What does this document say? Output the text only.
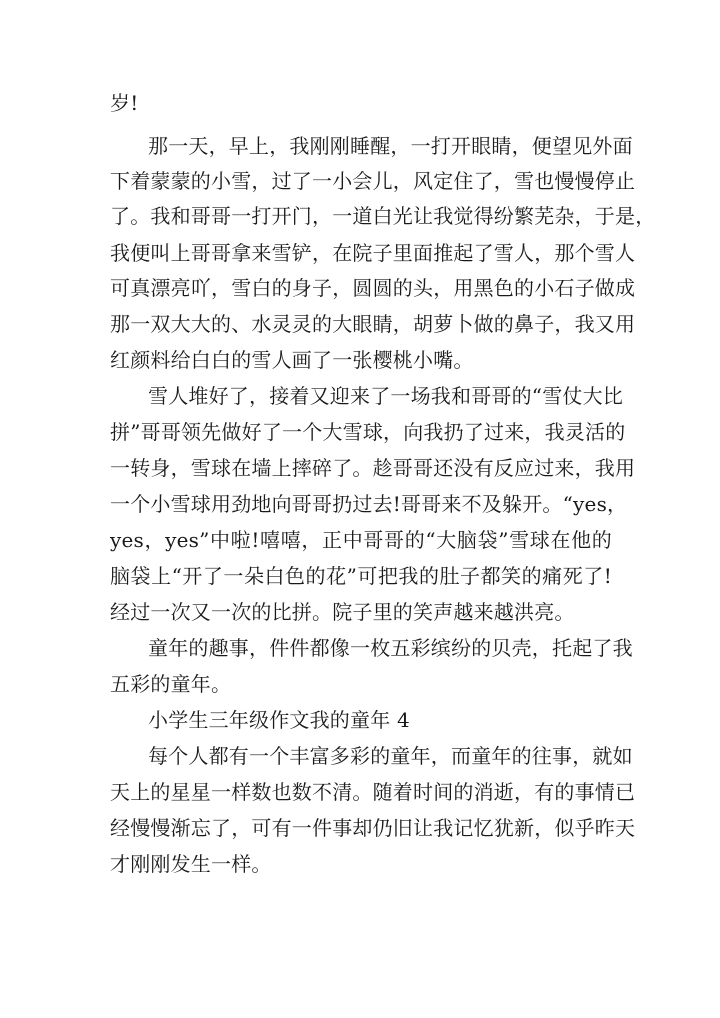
岁!
那一天，早上，我刚刚睡醒，一打开眼睛，便望见外面
下着蒙蒙的小雪，过了一小会儿，风定住了，雪也慢慢停止
了。我和哥哥一打开门，一道白光让我觉得纷繁芜杂，于是，
我便叫上哥哥拿来雪铲，在院子里面推起了雪人，那个雪人
可真漂亮吖，雪白的身子，圆圆的头，用黑色的小石子做成
那一双大大的、水灵灵的大眼睛，胡萝卜做的鼻子，我又用
红颜料给白白的雪人画了一张樱桃小嘴。
雪人堆好了，接着又迎来了一场我和哥哥的“雪仗大比
拼”哥哥领先做好了一个大雪球，向我扔了过来，我灵活的
一转身，雪球在墙上摔碎了。趁哥哥还没有反应过来，我用
一个小雪球用劲地向哥哥扔过去!哥哥来不及躲开。“yes，
yes，yes”中啦!嘻嘻，正中哥哥的“大脑袋”雪球在他的
脑袋上“开了一朵白色的花”可把我的肚子都笑的痛死了!
经过一次又一次的比拼。院子里的笑声越来越洪亮。
童年的趣事，件件都像一枚五彩缤纷的贝壳，托起了我
五彩的童年。
小学生三年级作文我的童年 4
每个人都有一个丰富多彩的童年，而童年的往事，就如
天上的星星一样数也数不清。随着时间的消逝，有的事情已
经慢慢渐忘了，可有一件事却仍旧让我记忆犹新，似乎昨天
才刚刚发生一样。
